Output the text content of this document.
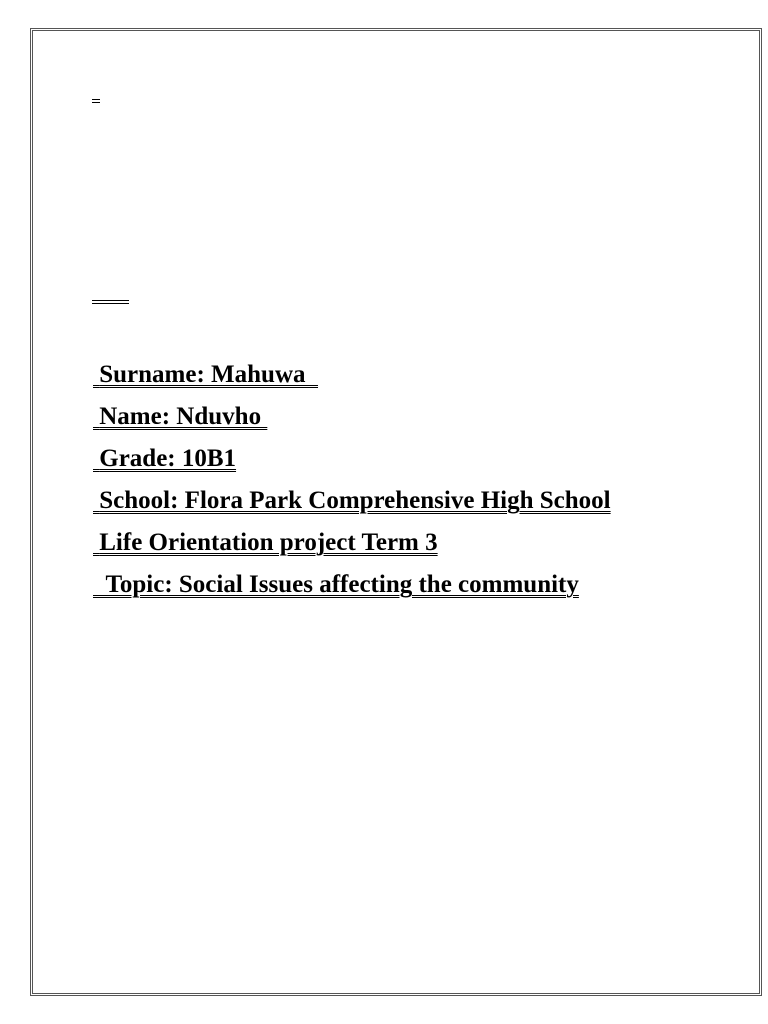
Surname: Mahuwa

Name: Nduvho

Grade: 10B1

School: Flora Park Comprehensive High School

Life Orientation project Term 3

Topic: Social Issues affecting the community
